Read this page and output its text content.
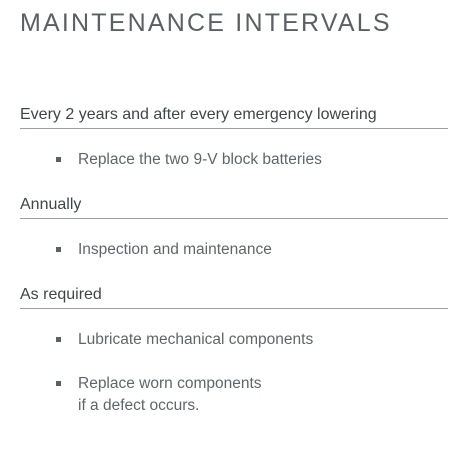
MAINTENANCE INTERVALS
Every 2 years and after every emergency lowering
Replace the two 9-V block batteries
Annually
Inspection and maintenance
As required
Lubricate mechanical components
Replace worn components
if a defect occurs.
